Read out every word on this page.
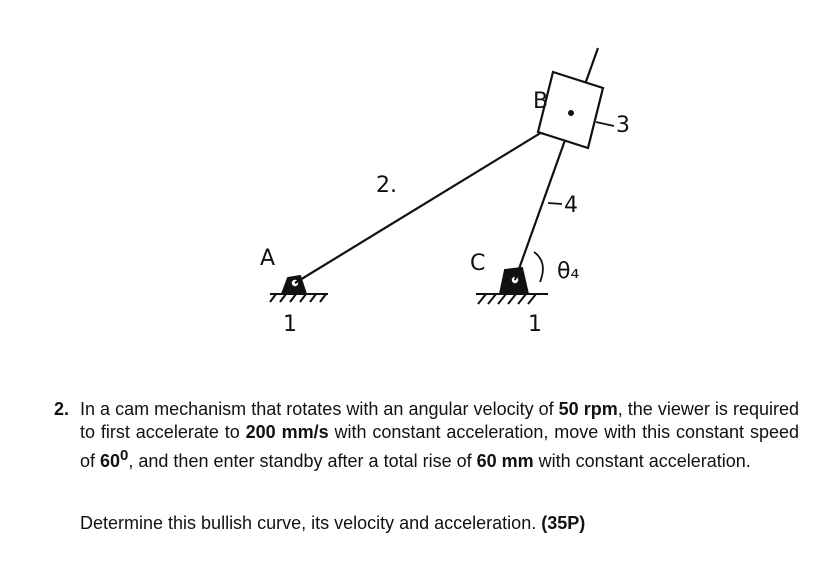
A
B
C
2.
3
4
θ₄
1	1
2. In a cam mechanism that rotates with an angular velocity of 50 rpm, the viewer is required to first accelerate to 200 mm/s with constant acceleration, move with this constant speed of $60^0$, and then enter standby after a total rise of 60 mm with constant acceleration.
Determine this bullish curve, its velocity and acceleration. (35P)
